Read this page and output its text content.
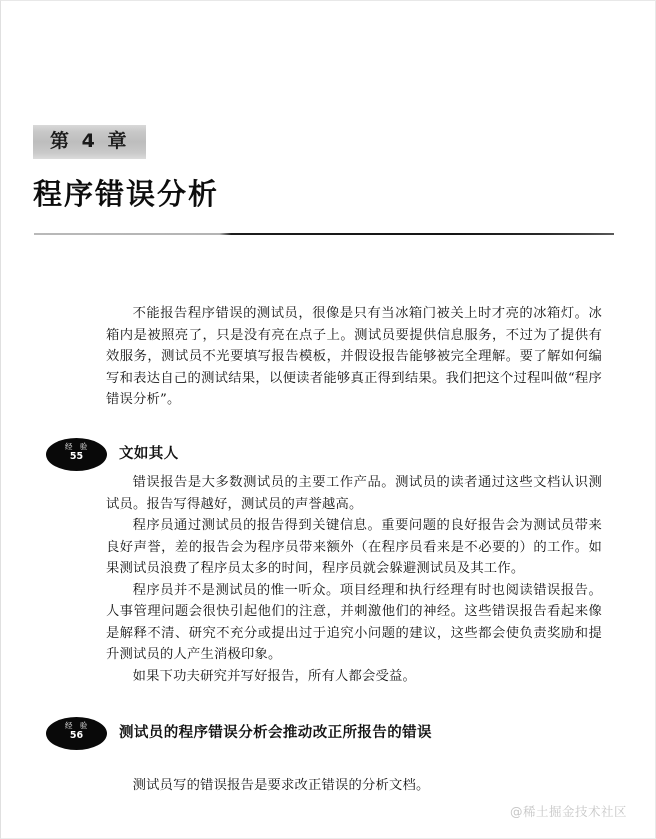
第 4 章
程序错误分析

不能报告程序错误的测试员，很像是只有当冰箱门被关上时才亮的冰箱灯。冰箱内是被照亮了，只是没有亮在点子上。测试员要提供信息服务，不过为了提供有效服务，测试员不光要填写报告模板，并假设报告能够被完全理解。要了解如何编写和表达自己的测试结果，以便读者能够真正得到结果。我们把这个过程叫做“程序错误分析”。

经 验
55	文如其人

错误报告是大多数测试员的主要工作产品。测试员的读者通过这些文档认识测试员。报告写得越好，测试员的声誉越高。

程序员通过测试员的报告得到关键信息。重要问题的良好报告会为测试员带来良好声誉，差的报告会为程序员带来额外（在程序员看来是不必要的）的工作。如果测试员浪费了程序员太多的时间，程序员就会躲避测试员及其工作。

程序员并不是测试员的惟一听众。项目经理和执行经理有时也阅读错误报告。人事管理问题会很快引起他们的注意，并刺激他们的神经。这些错误报告看起来像是解释不清、研究不充分或提出过于追究小问题的建议，这些都会使负责奖励和提升测试员的人产生消极印象。

如果下功夫研究并写好报告，所有人都会受益。

经 验
56	测试员的程序错误分析会推动改正所报告的错误

测试员写的错误报告是要求改正错误的分析文档。

@稀土掘金技术社区
